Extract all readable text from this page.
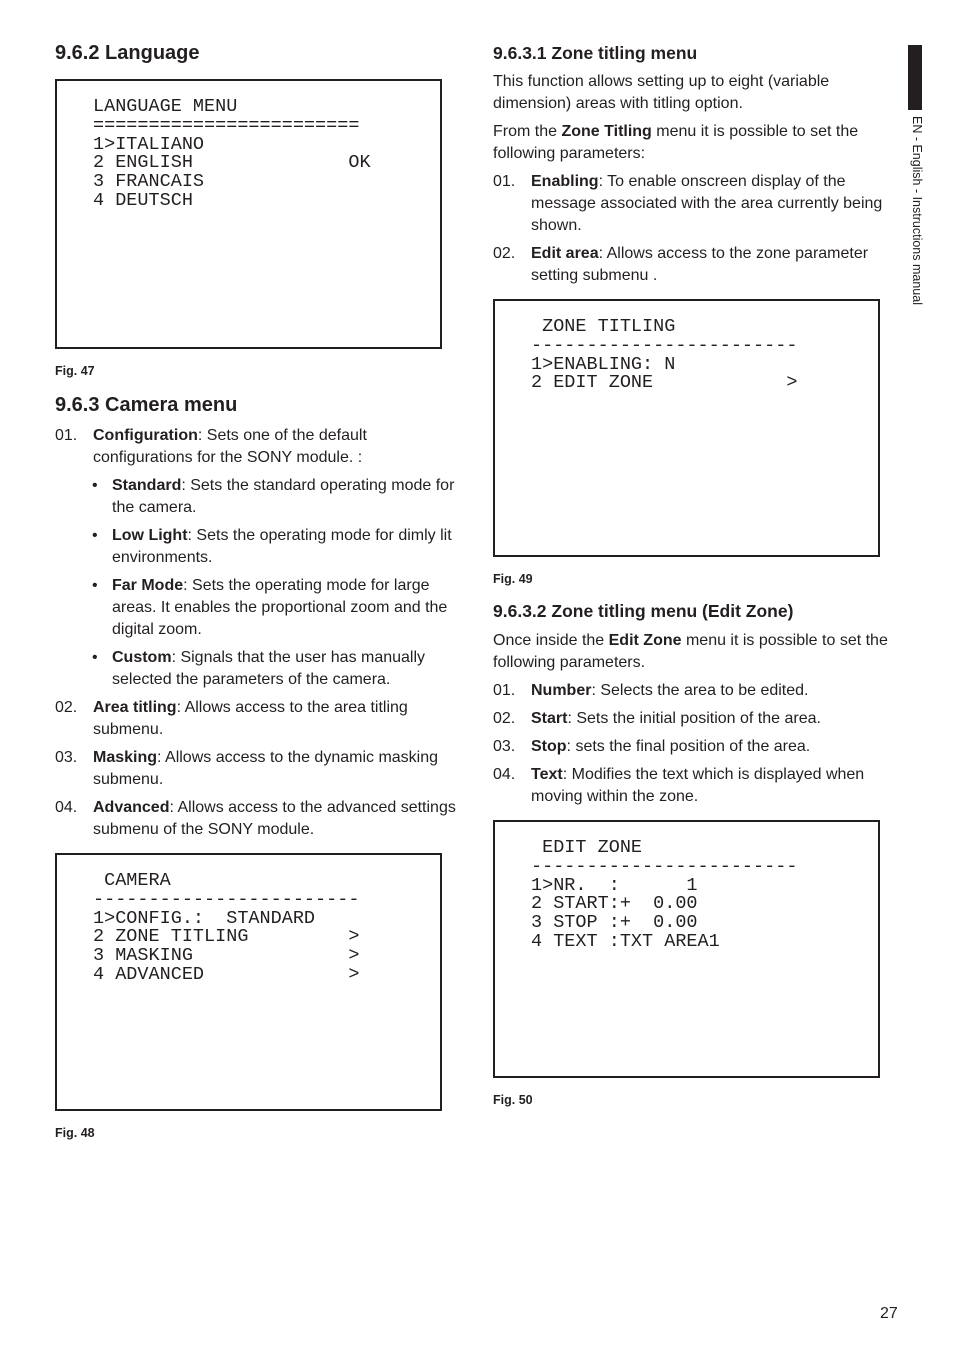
EN - English - Instructions manual
9.6.2 Language
LANGUAGE MENU
========================
1>ITALIANO
2 ENGLISH              OK
3 FRANCAIS
4 DEUTSCH

Fig. 47

9.6.3 Camera menu
01. Configuration: Sets one of the default configurations for the SONY module. :
• Standard: Sets the standard operating mode for the camera.
• Low Light: Sets the operating mode for dimly lit environments.
• Far Mode: Sets the operating mode for large areas. It enables the proportional zoom and the digital zoom.
• Custom: Signals that the user has manually selected the parameters of the camera.
02. Area titling: Allows access to the area titling submenu.
03. Masking: Allows access to the dynamic masking submenu.
04. Advanced: Allows access to the advanced settings submenu of the SONY module.
CAMERA
------------------------
1>CONFIG.:  STANDARD
2 ZONE TITLING         >
3 MASKING              >
4 ADVANCED             >

Fig. 48

9.6.3.1 Zone titling menu

This function allows setting up to eight (variable dimension) areas with titling option.

From the Zone Titling menu it is possible to set the following parameters:

01. Enabling: To enable onscreen display of the message associated with the area currently being shown.
02. Edit area: Allows access to the zone parameter setting submenu .
ZONE TITLING
------------------------
1>ENABLING: N
2 EDIT ZONE            >

Fig. 49

9.6.3.2 Zone titling menu (Edit Zone)

Once inside the Edit Zone menu it is possible to set the following parameters.

01. Number: Selects the area to be edited.
02. Start: Sets the initial position of the area.
03. Stop: sets the final position of the area.
04. Text: Modifies the text which is displayed when moving within the zone.
EDIT ZONE
------------------------
1>NR.  :      1
2 START:+  0.00
3 STOP :+  0.00
4 TEXT :TXT AREA1

Fig. 50

27
